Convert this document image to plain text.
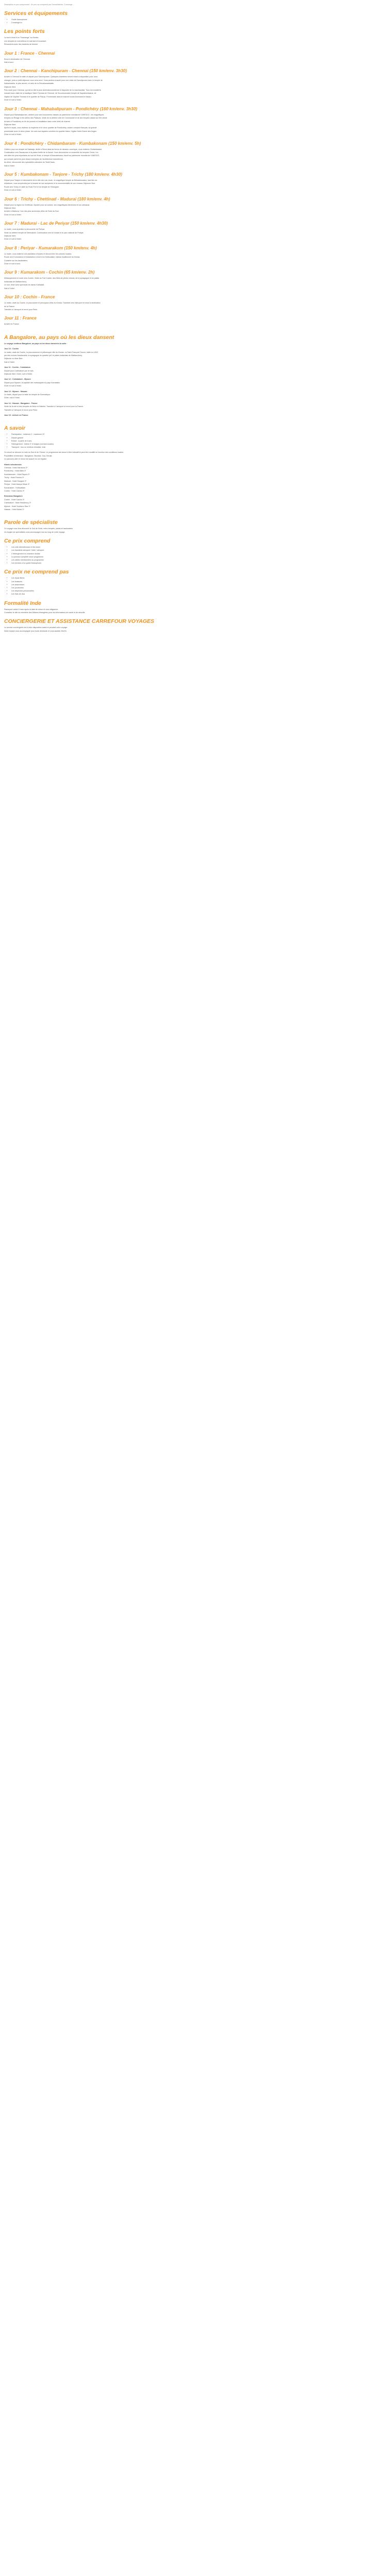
Description et prix comprenant : Un prix va comprend par l'consultatoire, Concierge ...
Services et équipements
• Guide francophone
• Concierge ici
Les points forts

La tout à bord d'un "Kaziranga" au Kerala.

Les temples en merveilleux et mal tant et incantant.

Rencontres avec des fanzines de femme.

Jour 1 : France - Chennai

Envol à destination de Chennai.

Nuit à bord.

Jour 2 : Chennai - Kanchipuram - Chennai (150 km/env. 3h30)

Arrivée à Chennai le matin et départ pour Kanchipuram. Quelques chambres seront mises à disposition pour vous

changer, puis un petit-déjeuner vous sera servi. Vous partirez ensuite pour une visite de Kanchipuram avec le temple de

Kailashnatha, le plus ancien, et celui de la Shivakanadesatin.

Déjeuner libre.

Puis route pour Chennai, qui est la ville la plus cinématocolonienne et disposée de la marchandise. Tous les transferts

incluant avec visite de la basilique Saint-Thomas de Chennai, de l'incontournable temple de Kapaleeshwarar, de

l'église de l'Apôtre Thomas et le quartier de Parrys. Promenade dans le marché locals illuminant le réseau.

Dîner et nuit à l'hôtel.

Jour 3 : Chennai - Mahabalipuram - Pondichéry (160 km/env. 3h30)

Départ pour Mahabalipuram, célèbre pour ses monuments classés au patrimoine mondial de l'UNESCO : les magnifiques

temples du Rivage et les stèles des Pallavas. Visite de la célèbre côte de Coromandel et de ses temples datant du VIIe siècle.

Arrivée à Pondichéry en fin de journée et installation dans votre hôtel de charme.

Déjeuner libre.

Après le repas, vous visiterez la moyenne et le vieux quartier de Pondichéry, ancien comptoir français, sa grande

promenade avec le vieux phare, les rues aux façades colorées du quartier blanc, l'église Notre-Dame des Anges.

Dîner et nuit à l'hôtel.

Jour 4 : Pondichéry - Chidambaram - Kumbakonam (150 km/env. 5h)

Célèbre pour son temple de Nataraja, dédié à Shiva dans sa forme de danseur cosmique, vous visiterez Chidambaram.

Continuation vers Darasuram et la plaine fertile de la Kaveri. Vous découvrirez un ensemble de temples Chola, l'un

des sites les plus importants du sud de l'Inde, le temple d'Airavatesvara, inscrit au patrimoine mondial de l'UNESCO,

qui compte parmi les plus beaux exemples de l'architecture dravidienne.

Au dîner, découverte des spécialités culinaires du Tamil Nadu.

Nuit à l'hôtel.

Jour 5 : Kumbakonam - Tanjore - Trichy (180 km/env. 4h30)

Départ pour Tanjore et découverte de la ville des rois chola : le magnifique temple de Brihadeeswara, haut lieu du

shivaïsme, vous surprendra par la beauté de ses sculptures et la monumentalité de son vimana. Déjeuner libre.

Route vers Trichy et visite du Rock Fort et du temple de Srirangam.

Dîner et nuit à l'hôtel.

Jour 6 : Trichy - Chettinad - Madurai (180 km/env. 4h)

Départ pour la région du Chettinad, réputée pour sa cuisine, ses magnifiques demeures et son artisanat.

Déjeuner libre.

Arrivée à Madurai, l'une des plus anciennes villes de l'Inde du Sud.

Dîner et nuit à l'hôtel.

Jour 7 : Madurai - Lac de Periyar (150 km/env. 4h30)

Le matin, vous arpentez la découverte de Periyar.

Visite du célèbre temple de Meenakshi. Continuation vers le Kerala et le parc national de Periyar.

Déjeuner libre.

Dîner et nuit à l'hôtel.

Jour 8 : Periyar - Kumarakom (150 km/env. 4h)

Le matin, vous visiterez une plantation d'épices et découvrirez les cultures locales.

Route vers Kumarakom et installation à bord d'un Kettuvallam, bateau traditionnel du Kerala.

Croisière sur les backwaters.

Dîner et nuit à bord.

Jour 9 : Kumarakom - Cochin (65 km/env. 2h)

Débarquement et route vers Cochin. Visite du Fort Cochin, des filets de pêche chinois, de la synagogue et du palais

hollandais de Mattancherry.

Le soir, dîner avec spectacle de danse Kathakali.

Nuit à l'hôtel.

Jour 10 : Cochin - France

Le matin, visite du Cochin, le plus ancien et principaux villes du Kerala. Transfert vers l'aéroport et envol à destination

de la France.

Transfert à l'aéroport et envol pour Paris.

Jour 11 : France

Arrivée en France.

A Bangalore, au pays où les dieux dansent

Le voyage continue Bangalore, au pays où les dieux dansent à la suite :

Jour 10 : Cochin

Le matin, visite de Cochin, la plus ancienne et pittoresque ville du Kerala : la Saint-François Church, bâtie en 1503

par des moines franciscains, la synagogue du quartier juif, le palais hollandais de Mattancherry.

Déjeuner et dîner libre.

Nuit à l'hôtel.

Jour 11 : Cochin - Coimbatore

Départ pour Coimbatore par le train.

Déjeuner libre. Dîner, nuit à l'hôtel.

Jour 12 : Coimbatore - Mysore

Départ pour Mysore, la capitale des maharajahs du pays Karnataka.

Dîner et nuit à l'hôtel.

Jour 13 : Mysore - Hassan

Le matin, départ pour la visite du temple de Somnathpur.

Dîner, nuit à l'hôtel.

Jour 14 : Hassan - Bangalore - France

Visite de la cité et des temples de Belur et Halebid. Transfert à l'aéroport et envol pour la France.

Transfert à l'aéroport et envol pour Paris.

Jour 15 : Arrivée en France.

A savoir
• Participation : minimum 2 - maximum 22
• Départ garanti
• Enfant : à partir de 6 ans
• Hébergement : hôtels 3* et lodges (normes locales)
• Transport : bus ou minibus climatisé, train

Ce circuit se déroule en Inde du Sud et de l'Ouest. Le programme est donné à titre indicatif et peut être modifié en fonction des conditions locales.

Possibilités d'extension : Bangalore, Mumbai, Goa, Kerala.

Le parcours aller et retour est assuré en vol régulier.

Hôtels sélectionnés

Chennai : Hotel Harrisons 3*

Pondichéry : Hotel Atithi 3*

Kumbakonam : Hotel Raya's 3*

Trichy : Hotel Femina 3*

Madurai : Hotel Sangam 3*

Periyar : Hotel Aranya Nivas 3*

Kumarakom : Kettuvallam

Cochin : Hotel Casino 3*

Extension Bangalore

Cochin : Hotel Casino 3*

Coimbatore : Hotel Residency 3*

Mysore : Hotel Southern Star 3*

Hassan : Hotel Ashok 3*

Parole de spécialiste

Ce voyage vous fera découvrir le Sud de l'Inde, entre temples, palais et backwaters.

Un équipe de spécialistes vous accompagne tout au long de votre voyage.

Ce prix comprend
• Les vols internationaux et les taxes
• Les transferts aéroport / hôtel / aéroport
• L'hébergement en chambre double
• La pension complète selon programme
• Les visites mentionnées au programme
• Les services d'un guide francophone
Ce prix ne comprend pas
• Les repas libres
• Les boissons
• Les assurances
• Les pourboires
• Les dépenses personnelles
• Les frais de visa
Formalité Inde

Passeport valide 6 mois après la date de retour et visa obligatoire.

Consultez le site du ministère des Affaires étrangères pour les informations de santé et de sécurité.

CONCIERGERIE ET ASSISTANCE CARREFOUR VOYAGES

Le service conciergerie est à votre disposition avant et pendant votre voyage.

Notre équipe vous accompagne pour toute demande et vous assiste 24h/24.
